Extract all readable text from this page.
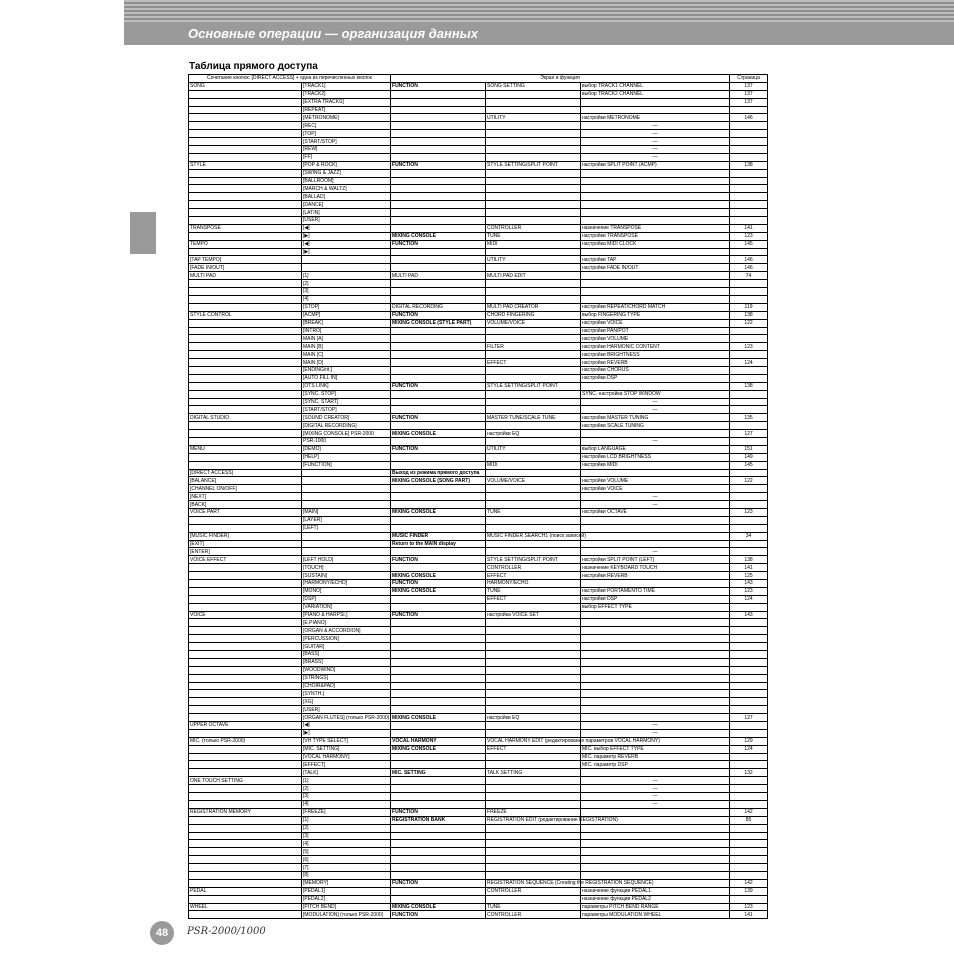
Основные операции — организация данных
Таблица прямого доступа
Сочетание кнопок: [DIRECT ACCESS] + одна из перечисленных кнопок		Экран и функция			Страница
SONG	[TRACK1]	FUNCTION	SONG SETTING	выбор TRACK1 CHANNEL	137
	[TRACK2]			выбор TRACK2 CHANNEL	137
	[EXTRA TRACKS]				137
	[REPEAT]				
	[METRONOME]		UTILITY	настройки METRONOME	146
	[REC]			—	
	[TOP]			—	
	[START/STOP]			—	
	[REW]			—	
	[FF]			—	
STYLE	[POP & ROCK]	FUNCTION	STYLE SETTING/SPLIT POINT	настройки SPLIT POINT (ACMP)	138
	[SWING & JAZZ]				
	[BALLROOM]				
	[MARCH & WALTZ]				
	[BALLAD]				
	[DANCE]				
	[LATIN]				
	[USER]				
TRANSPOSE	[◀]		CONTROLLER	назначение TRANSPOSE	141
	[▶]	MIXING CONSOLE	TUNE	настройки TRANSPOSE	123
TEMPO	[◀]	FUNCTION	MIDI	настройка MIDI CLOCK	145
	[▶]				
[TAP TEMPO]			UTILITY	настройки TAP	146
[FADE IN/OUT]				настройки FADE IN/OUT	146
MULTI PAD	[1]	MULTI PAD	MULTI PAD EDIT		74
	[2]				
	[3]				
	[4]				
	[STOP]	DIGITAL RECORDING	MULTI PAD CREATOR	настройки REPEAT/CHORD MATCH	119
STYLE CONTROL	[ACMP]	FUNCTION	CHORD FINGERING	выбор FINGERING TYPE	138
	[BREAK]	MIXING CONSOLE (STYLE PART)	VOLUME/VOICE	настройки VOICE	122
	[INTRO]			настройки PAN/POT	
	MAIN [A]			настройки VOLUME	
	MAIN [B]		FILTER	настройки HARMONIC CONTENT	123
	MAIN [C]			настройки BRIGHTNESS	
	MAIN [D]		EFFECT	настройки REVERB	124
	[ENDING/rit.]			настройки CHORUS	
	[AUTO FILL IN]			настройки DSP	
	[OTS LINK]	FUNCTION	STYLE SETTING/SPLIT POINT		138
	[SYNC. STOP]			SYNC. настройка STOP WINDOW	
	[SYNC. START]			—	
	[START/STOP]			—	
DIGITAL STUDIO	[SOUND CREATOR]	FUNCTION	MASTER TUNE/SCALE TUNE	настройки MASTER TUNING	135
	[DIGITAL RECORDING]			настройки SCALE TUNING	
	[MIXING CONSOLE] PSR-2000	MIXING CONSOLE	настройки EQ		127
	PSR-1000			—	
MENU	[DEMO]	FUNCTION	UTILITY	выбор LANGUAGE	151
	[HELP]			настройки LCD BRIGHTNESS	149
	[FUNCTION]		MIDI	настройки MIDI	145
[DIRECT ACCESS]		Выход из режима прямого доступа			
[BALANCE]		MIXING CONSOLE (SONG PART)	VOLUME/VOICE	настройки VOLUME	122
[CHANNEL ON/OFF]				настройки VOICE	
[NEXT]				—	
[BACK]				—	
VOICE PART	[MAIN]	MIXING CONSOLE	TUNE	настройки OCTAVE	123
	[LAYER]				
	[LEFT]				
[MUSIC FINDER]		MUSIC FINDER	MUSIC FINDER SEARCH1 (поиск записей)		34
[EXIT]		Return to the MAIN display			
[ENTER]				—	
VOICE EFFECT	[LEFT HOLD]	FUNCTION	STYLE SETTING/SPLIT POINT	настройки SPLIT POINT (LEFT)	138
	[TOUCH]		CONTROLLER	назначение KEYBOARD TOUCH	141
	[SUSTAIN]	MIXING CONSOLE	EFFECT	настройки REVERB	125
	[HARMONY/ECHO]	FUNCTION	HARMONY/ECHO		143
	[MONO]	MIXING CONSOLE	TUNE	настройки PORTAMENTO TIME	123
	[DSP]		EFFECT	настройки DSP	124
	[VARIATION]			выбор EFFECT TYPE	
VOICE	[PIANO & HARPSI.]	FUNCTION	настройка VOICE SET		143
	[E.PIANO]				
	[ORGAN & ACCORDION]				
	[PERCUSSION]				
	[GUITAR]				
	[BASS]				
	[BRASS]				
	[WOODWIND]				
	[STRINGS]				
	[CHOIR&PAD]				
	[SYNTH.]				
	[XG]				
	[USER]				
	[ORGAN FLUTES] (только PSR-2000)	MIXING CONSOLE	настройки EQ		127
UPPER OCTAVE	[◀]			—	
	[▶]			—	
MIC. (только PSR-2000)	[VH TYPE SELECT]	VOCAL HARMONY	VOCAL HARMONY EDIT (редактирование параметров VOCAL HARMONY)		129
	[MIC. SETTING]	MIXING CONSOLE	EFFECT	MIC. выбор EFFECT TYPE	124
	[VOCAL HARMONY]			MIC. параметр REVERB	
	[EFFECT]			MIC. параметр DSP	
	[TALK]	MIC. SETTING	TALK SETTING		132
ONE TOUCH SETTING	[1]			—	
	[2]			—	
	[3]			—	
	[4]			—	
REGISTRATION MEMORY	[FREEZE]	FUNCTION	FREEZE		142
	[1]	REGISTRATION BANK	REGISTRATION EDIT (редактирование REGISTRATION)		85
	[2]				
	[3]				
	[4]				
	[5]				
	[6]				
	[7]				
	[8]				
	[MEMORY]	FUNCTION	REGISTRATION SEQUENCE (Creating the REGISTRATION SEQUENCE)		142
PEDAL	[PEDAL1]		CONTROLLER	назначение функции PEDAL1	139
	[PEDAL2]			назначение функции PEDAL2	
WHEEL	[PITCH BEND]	MIXING CONSOLE	TUNE	параметры PITCH BEND RANGE	123
	[MODULATION] (только PSR-2000)	FUNCTION	CONTROLLER	параметры MODULATION WHEEL	141
48	PSR-2000/1000
